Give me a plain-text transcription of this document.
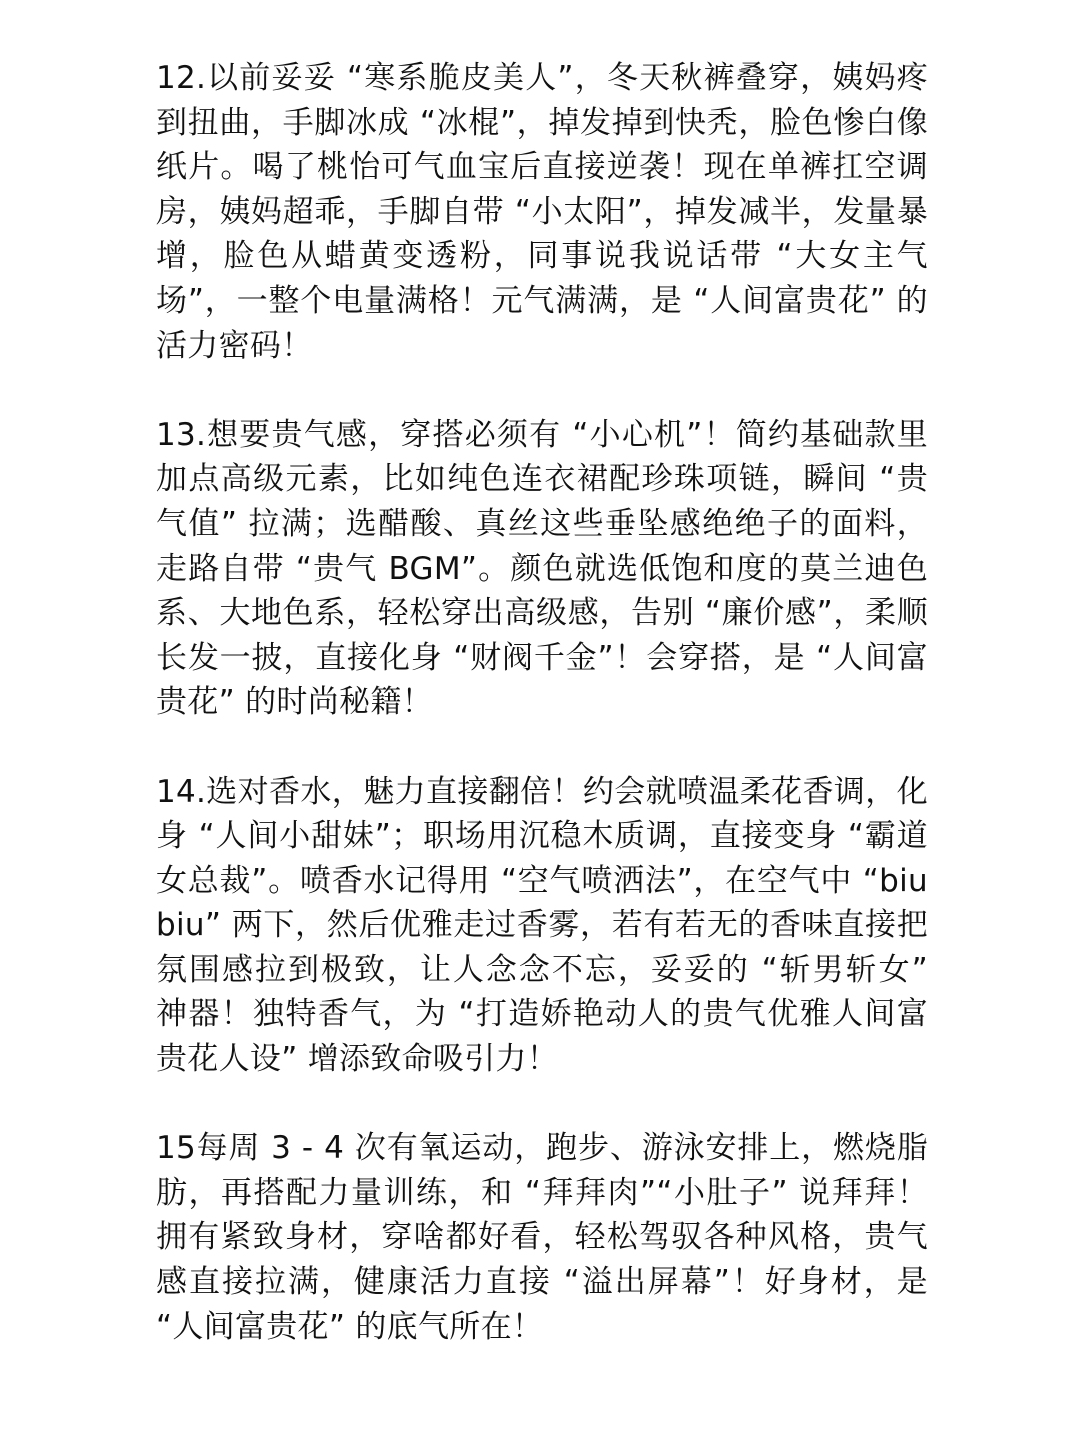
12.以前妥妥 “寒系脆皮美人”，冬天秋裤叠穿，姨妈疼到扭曲，手脚冰成 “冰棍”，掉发掉到快秃，脸色惨白像纸片。喝了桃怡可气血宝后直接逆袭！现在单裤扛空调房，姨妈超乖，手脚自带 “小太阳”，掉发减半，发量暴增，脸色从蜡黄变透粉，同事说我说话带 “大女主气场”，一整个电量满格！元气满满，是 “人间富贵花” 的活力密码！

13.想要贵气感，穿搭必须有 “小心机”！简约基础款里加点高级元素，比如纯色连衣裙配珍珠项链，瞬间 “贵气值” 拉满；选醋酸、真丝这些垂坠感绝绝子的面料，走路自带 “贵气 BGM”。颜色就选低饱和度的莫兰迪色系、大地色系，轻松穿出高级感，告别 “廉价感”，柔顺长发一披，直接化身 “财阀千金”！会穿搭，是 “人间富贵花” 的时尚秘籍！

14.选对香水，魅力直接翻倍！约会就喷温柔花香调，化身 “人间小甜妹”；职场用沉稳木质调，直接变身 “霸道女总裁”。喷香水记得用 “空气喷洒法”，在空气中 “biubiu” 两下，然后优雅走过香雾，若有若无的香味直接把氛围感拉到极致，让人念念不忘，妥妥的 “斩男斩女” 神器！独特香气，为 “打造娇艳动人的贵气优雅人间富贵花人设” 增添致命吸引力！

15每周 3 - 4 次有氧运动，跑步、游泳安排上，燃烧脂肪，再搭配力量训练，和 “拜拜肉”“小肚子” 说拜拜！拥有紧致身材，穿啥都好看，轻松驾驭各种风格，贵气感直接拉满，健康活力直接 “溢出屏幕”！好身材，是 “人间富贵花” 的底气所在！
